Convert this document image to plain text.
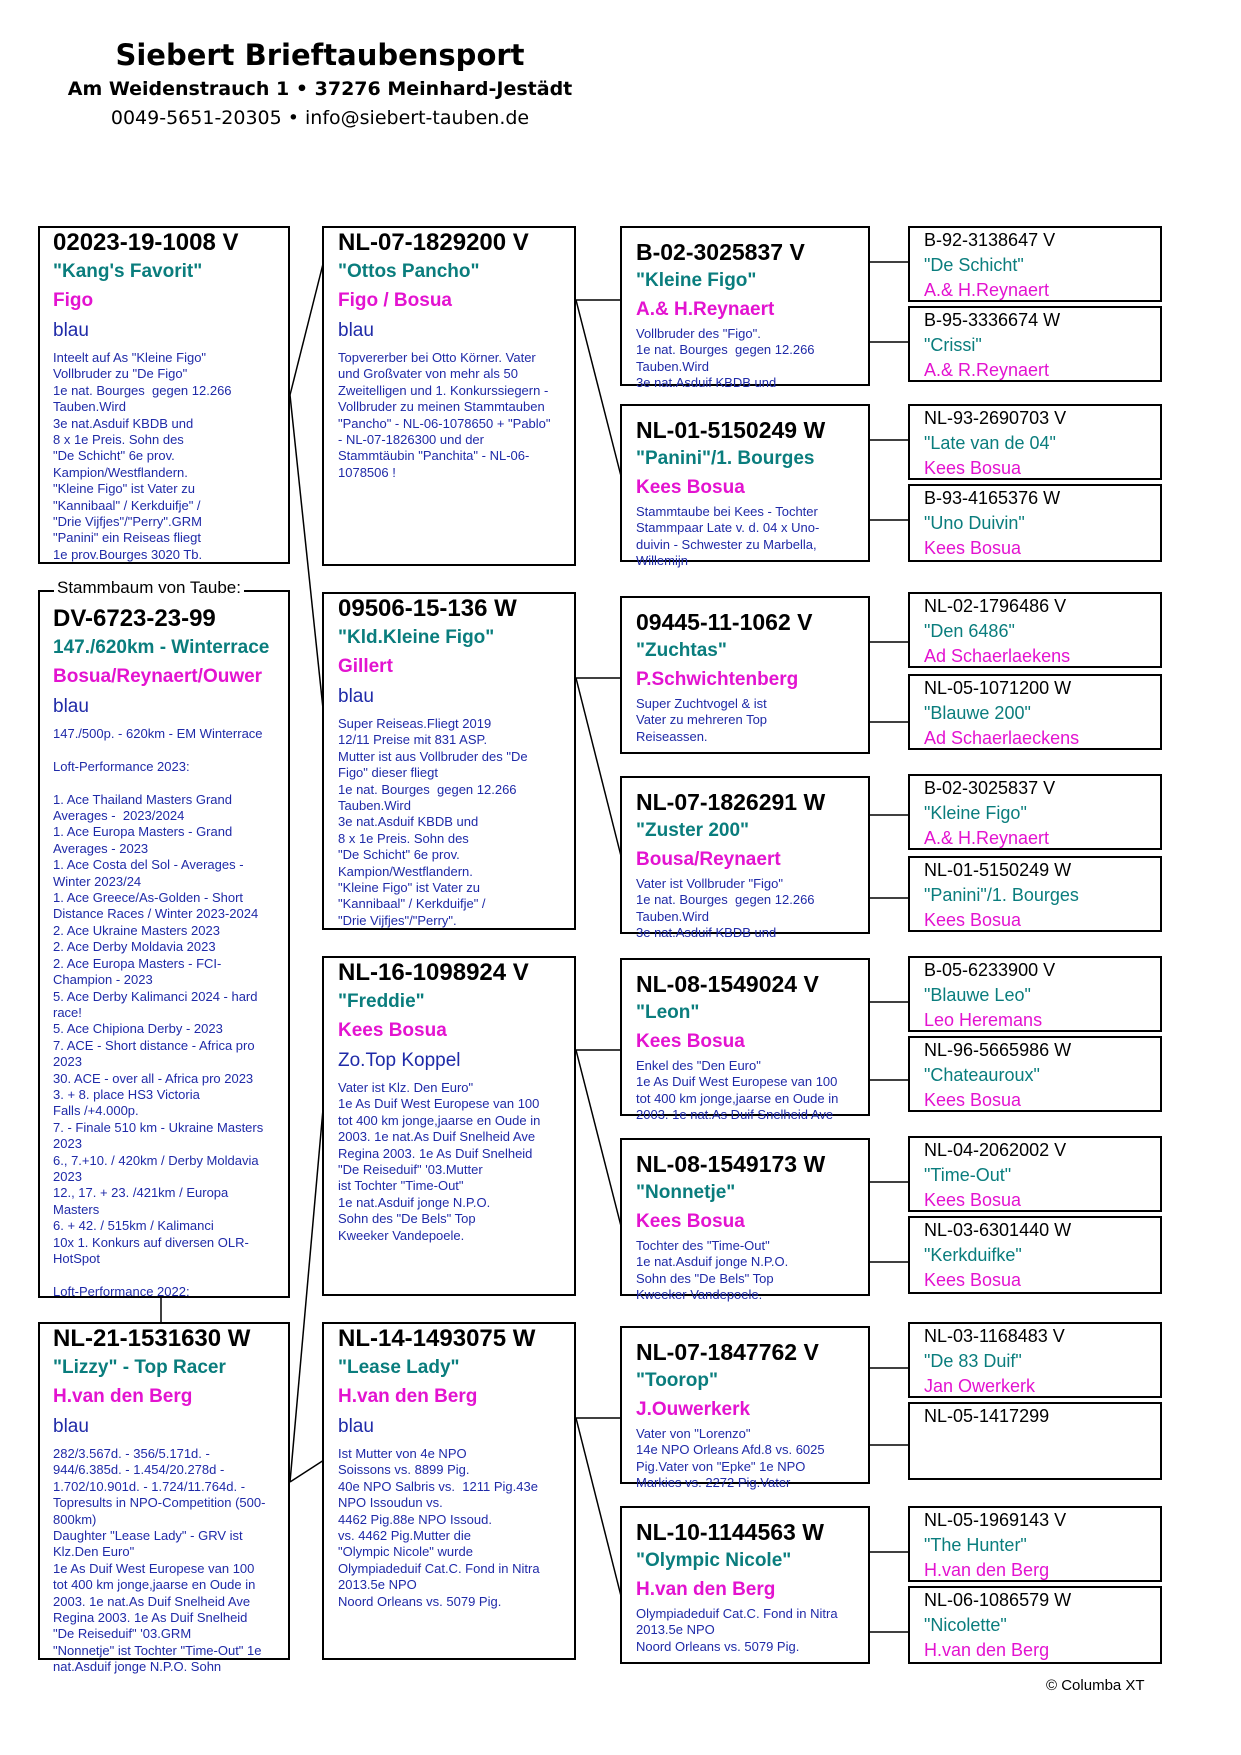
Siebert Brieftaubensport
Am Weidenstrauch 1 • 37276 Meinhard-Jestädt
0049-5651-20305 • info@siebert-tauben.de
02023-19-1008 V
"Kang's Favorit"
Figo
blau
Inteelt auf As "Kleine Figo"
Vollbruder zu "De Figo"
1e nat. Bourges  gegen 12.266
Tauben.Wird
3e nat.Asduif KBDB und
8 x 1e Preis. Sohn des
"De Schicht" 6e prov.
Kampion/Westflandern.
"Kleine Figo" ist Vater zu
"Kannibaal" / Kerkduifje" /
"Drie Vijfjes"/"Perry".GRM
"Panini" ein Reiseas fliegt
1e prov.Bourges 3020 Tb.
DV-6723-23-99
147./620km - Winterrace
Bosua/Reynaert/Ouwer
blau
147./500p. - 620km - EM Winterrace

Loft-Performance 2023:

1. Ace Thailand Masters Grand
Averages -  2023/2024
1. Ace Europa Masters - Grand
Averages - 2023
1. Ace Costa del Sol - Averages -
Winter 2023/24
1. Ace Greece/As-Golden - Short
Distance Races / Winter 2023-2024
2. Ace Ukraine Masters 2023
2. Ace Derby Moldavia 2023
2. Ace Europa Masters - FCI-
Champion - 2023
5. Ace Derby Kalimanci 2024 - hard
race!
5. Ace Chipiona Derby - 2023
7. ACE - Short distance - Africa pro
2023
30. ACE - over all - Africa pro 2023
3. + 8. place HS3 Victoria
Falls /+4.000p.
7. - Finale 510 km - Ukraine Masters
2023
6., 7.+10. / 420km / Derby Moldavia
2023
12., 17. + 23. /421km / Europa
Masters
6. + 42. / 515km / Kalimanci
10x 1. Konkurs auf diversen OLR-
HotSpot

Loft-Performance 2022:
Stammbaum von Taube:
NL-21-1531630 W
"Lizzy" - Top Racer
H.van den Berg
blau
282/3.567d. - 356/5.171d. -
944/6.385d. - 1.454/20.278d -
1.702/10.901d. - 1.724/11.764d. -
Topresults in NPO-Competition (500-
800km)
Daughter "Lease Lady" - GRV ist
Klz.Den Euro"
1e As Duif West Europese van 100
tot 400 km jonge,jaarse en Oude in
2003. 1e nat.As Duif Snelheid Ave
Regina 2003. 1e As Duif Snelheid
"De Reiseduif" '03.GRM
"Nonnetje" ist Tochter "Time-Out" 1e
nat.Asduif jonge N.P.O. Sohn
NL-07-1829200 V
"Ottos Pancho"
Figo / Bosua
blau
Topvererber bei Otto Körner. Vater
und Großvater von mehr als 50
Zweitelligen und 1. Konkurssiegern -
Vollbruder zu meinen Stammtauben
"Pancho" - NL-06-1078650 + "Pablo"
- NL-07-1826300 und der
Stammtäubin "Panchita" - NL-06-
1078506 !
09506-15-136 W
"Kld.Kleine Figo"
Gillert
blau
Super Reiseas.Fliegt 2019
12/11 Preise mit 831 ASP.
Mutter ist aus Vollbruder des "De
Figo" dieser fliegt
1e nat. Bourges  gegen 12.266
Tauben.Wird
3e nat.Asduif KBDB und
8 x 1e Preis. Sohn des
"De Schicht" 6e prov.
Kampion/Westflandern.
"Kleine Figo" ist Vater zu
"Kannibaal" / Kerkduifje" /
"Drie Vijfjes"/"Perry".
NL-16-1098924 V
"Freddie"
Kees Bosua
Zo.Top Koppel
Vater ist Klz. Den Euro"
1e As Duif West Europese van 100
tot 400 km jonge,jaarse en Oude in
2003. 1e nat.As Duif Snelheid Ave
Regina 2003. 1e As Duif Snelheid
"De Reiseduif" '03.Mutter
ist Tochter "Time-Out"
1e nat.Asduif jonge N.P.O.
Sohn des "De Bels" Top
Kweeker Vandepoele.
NL-14-1493075 W
"Lease Lady"
H.van den Berg
blau
Ist Mutter von 4e NPO
Soissons vs. 8899 Pig.
40e NPO Salbris vs.  1211 Pig.43e
NPO Issoudun vs.
4462 Pig.88e NPO Issoud.
vs. 4462 Pig.Mutter die
"Olympic Nicole" wurde
Olympiadeduif Cat.C. Fond in Nitra
2013.5e NPO
Noord Orleans vs. 5079 Pig.
B-02-3025837 V
"Kleine Figo"
A.& H.Reynaert
Vollbruder des "Figo".
1e nat. Bourges  gegen 12.266
Tauben.Wird
3e nat.Asduif KBDB und
NL-01-5150249 W
"Panini"/1. Bourges
Kees Bosua
Stammtaube bei Kees - Tochter
Stammpaar Late v. d. 04 x Uno-
duivin - Schwester zu Marbella,
Willemijn
09445-11-1062 V
"Zuchtas"
P.Schwichtenberg
Super Zuchtvogel & ist
Vater zu mehreren Top
Reiseassen.
NL-07-1826291 W
"Zuster 200"
Bousa/Reynaert
Vater ist Vollbruder "Figo"
1e nat. Bourges  gegen 12.266
Tauben.Wird
3e nat.Asduif KBDB und
NL-08-1549024 V
"Leon"
Kees Bosua
Enkel des "Den Euro"
1e As Duif West Europese van 100
tot 400 km jonge,jaarse en Oude in
2003. 1e nat.As Duif Snelheid Ave
NL-08-1549173 W
"Nonnetje"
Kees Bosua
Tochter des "Time-Out"
1e nat.Asduif jonge N.P.O.
Sohn des "De Bels" Top
Kweeker Vandepoele.
NL-07-1847762 V
"Toorop"
J.Ouwerkerk
Vater von "Lorenzo"
14e NPO Orleans Afd.8 vs. 6025
Pig.Vater von "Epke" 1e NPO
Markies vs. 2272 Pig.Vater
NL-10-1144563 W
"Olympic Nicole"
H.van den Berg
Olympiadeduif Cat.C. Fond in Nitra
2013.5e NPO
Noord Orleans vs. 5079 Pig.
B-92-3138647 V
"De Schicht"
A.& H.Reynaert
B-95-3336674 W
"Crissi"
A.& R.Reynaert
NL-93-2690703 V
"Late van de 04"
Kees Bosua
B-93-4165376 W
"Uno Duivin"
Kees Bosua
NL-02-1796486 V
"Den 6486"
Ad Schaerlaekens
NL-05-1071200 W
"Blauwe 200"
Ad Schaerlaeckens
B-02-3025837 V
"Kleine Figo"
A.& H.Reynaert
NL-01-5150249 W
"Panini"/1. Bourges
Kees Bosua
B-05-6233900 V
"Blauwe Leo"
Leo Heremans
NL-96-5665986 W
"Chateauroux"
Kees Bosua
NL-04-2062002 V
"Time-Out"
Kees Bosua
NL-03-6301440 W
"Kerkduifke"
Kees Bosua
NL-03-1168483 V
"De 83 Duif"
Jan Owerkerk
NL-05-1417299
NL-05-1969143 V
"The Hunter"
H.van den Berg
NL-06-1086579 W
"Nicolette"
H.van den Berg
© Columba XT
